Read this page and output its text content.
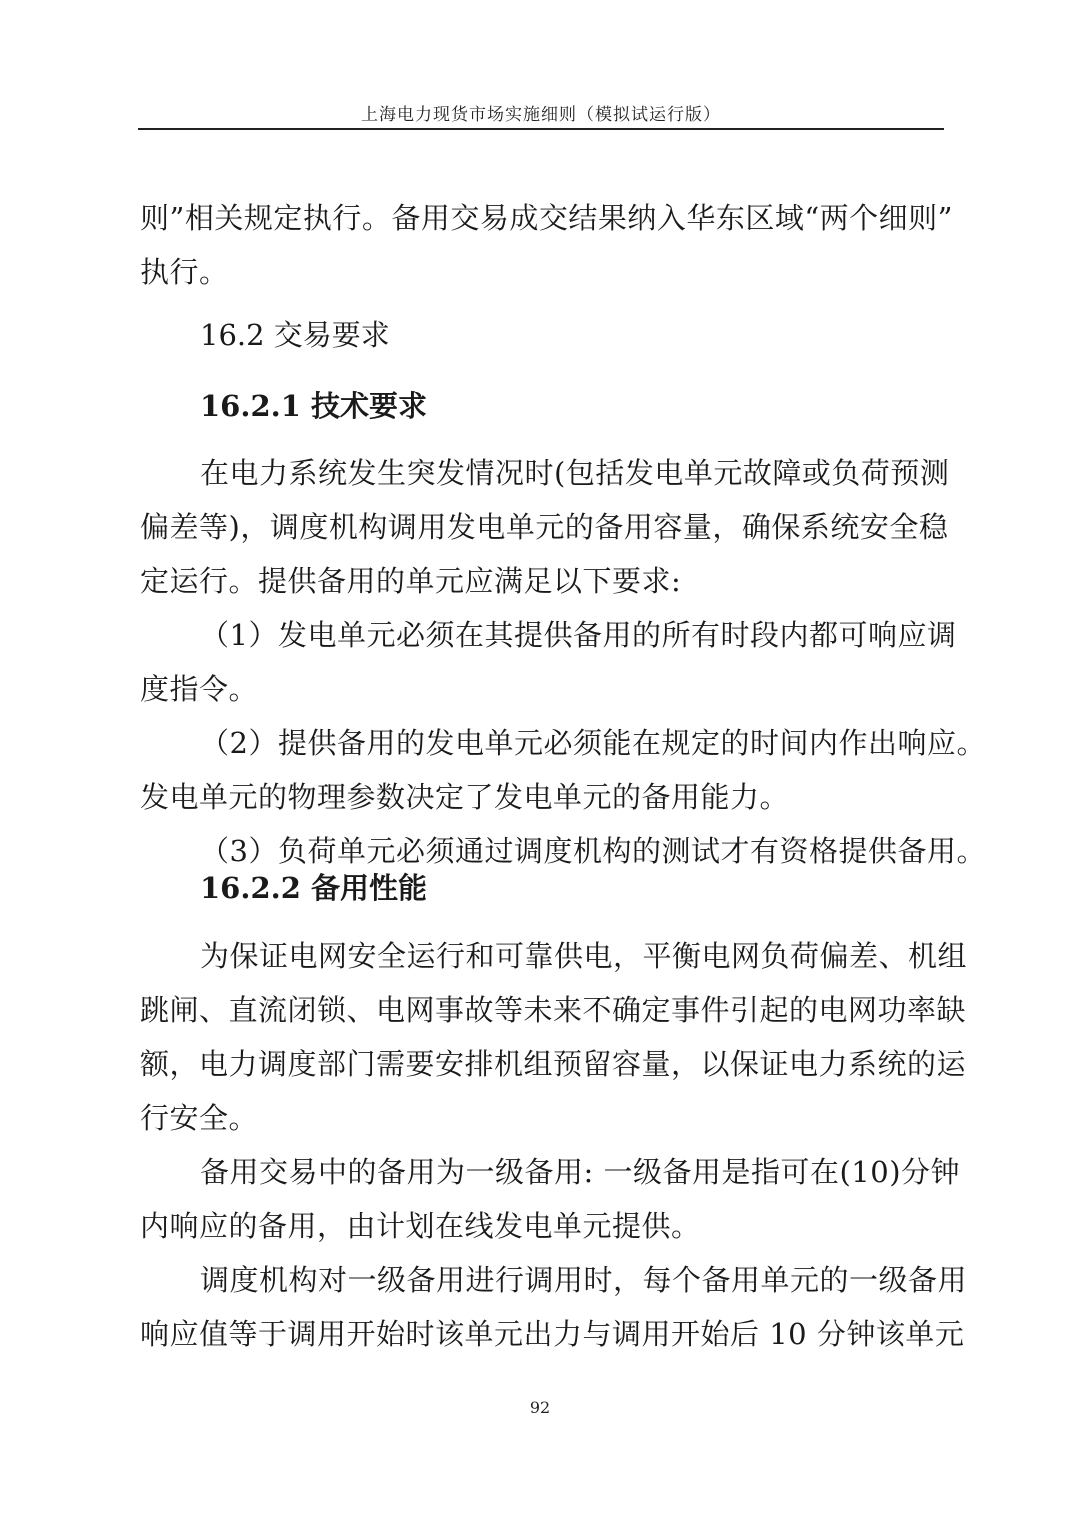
上海电力现货市场实施细则（模拟试运行版）
则”相关规定执行。备用交易成交结果纳入华东区域“两个细则”
执行。
16.2 交易要求
16.2.1 技术要求
在电力系统发生突发情况时(包括发电单元故障或负荷预测
偏差等)，调度机构调用发电单元的备用容量，确保系统安全稳
定运行。提供备用的单元应满足以下要求:
（1）发电单元必须在其提供备用的所有时段内都可响应调
度指令。
（2）提供备用的发电单元必须能在规定的时间内作出响应。
发电单元的物理参数决定了发电单元的备用能力。
（3）负荷单元必须通过调度机构的测试才有资格提供备用。
16.2.2 备用性能
为保证电网安全运行和可靠供电，平衡电网负荷偏差、机组
跳闸、直流闭锁、电网事故等未来不确定事件引起的电网功率缺
额，电力调度部门需要安排机组预留容量，以保证电力系统的运
行安全。
备用交易中的备用为一级备用: 一级备用是指可在(10)分钟
内响应的备用，由计划在线发电单元提供。
调度机构对一级备用进行调用时，每个备用单元的一级备用
响应值等于调用开始时该单元出力与调用开始后 10 分钟该单元
92
